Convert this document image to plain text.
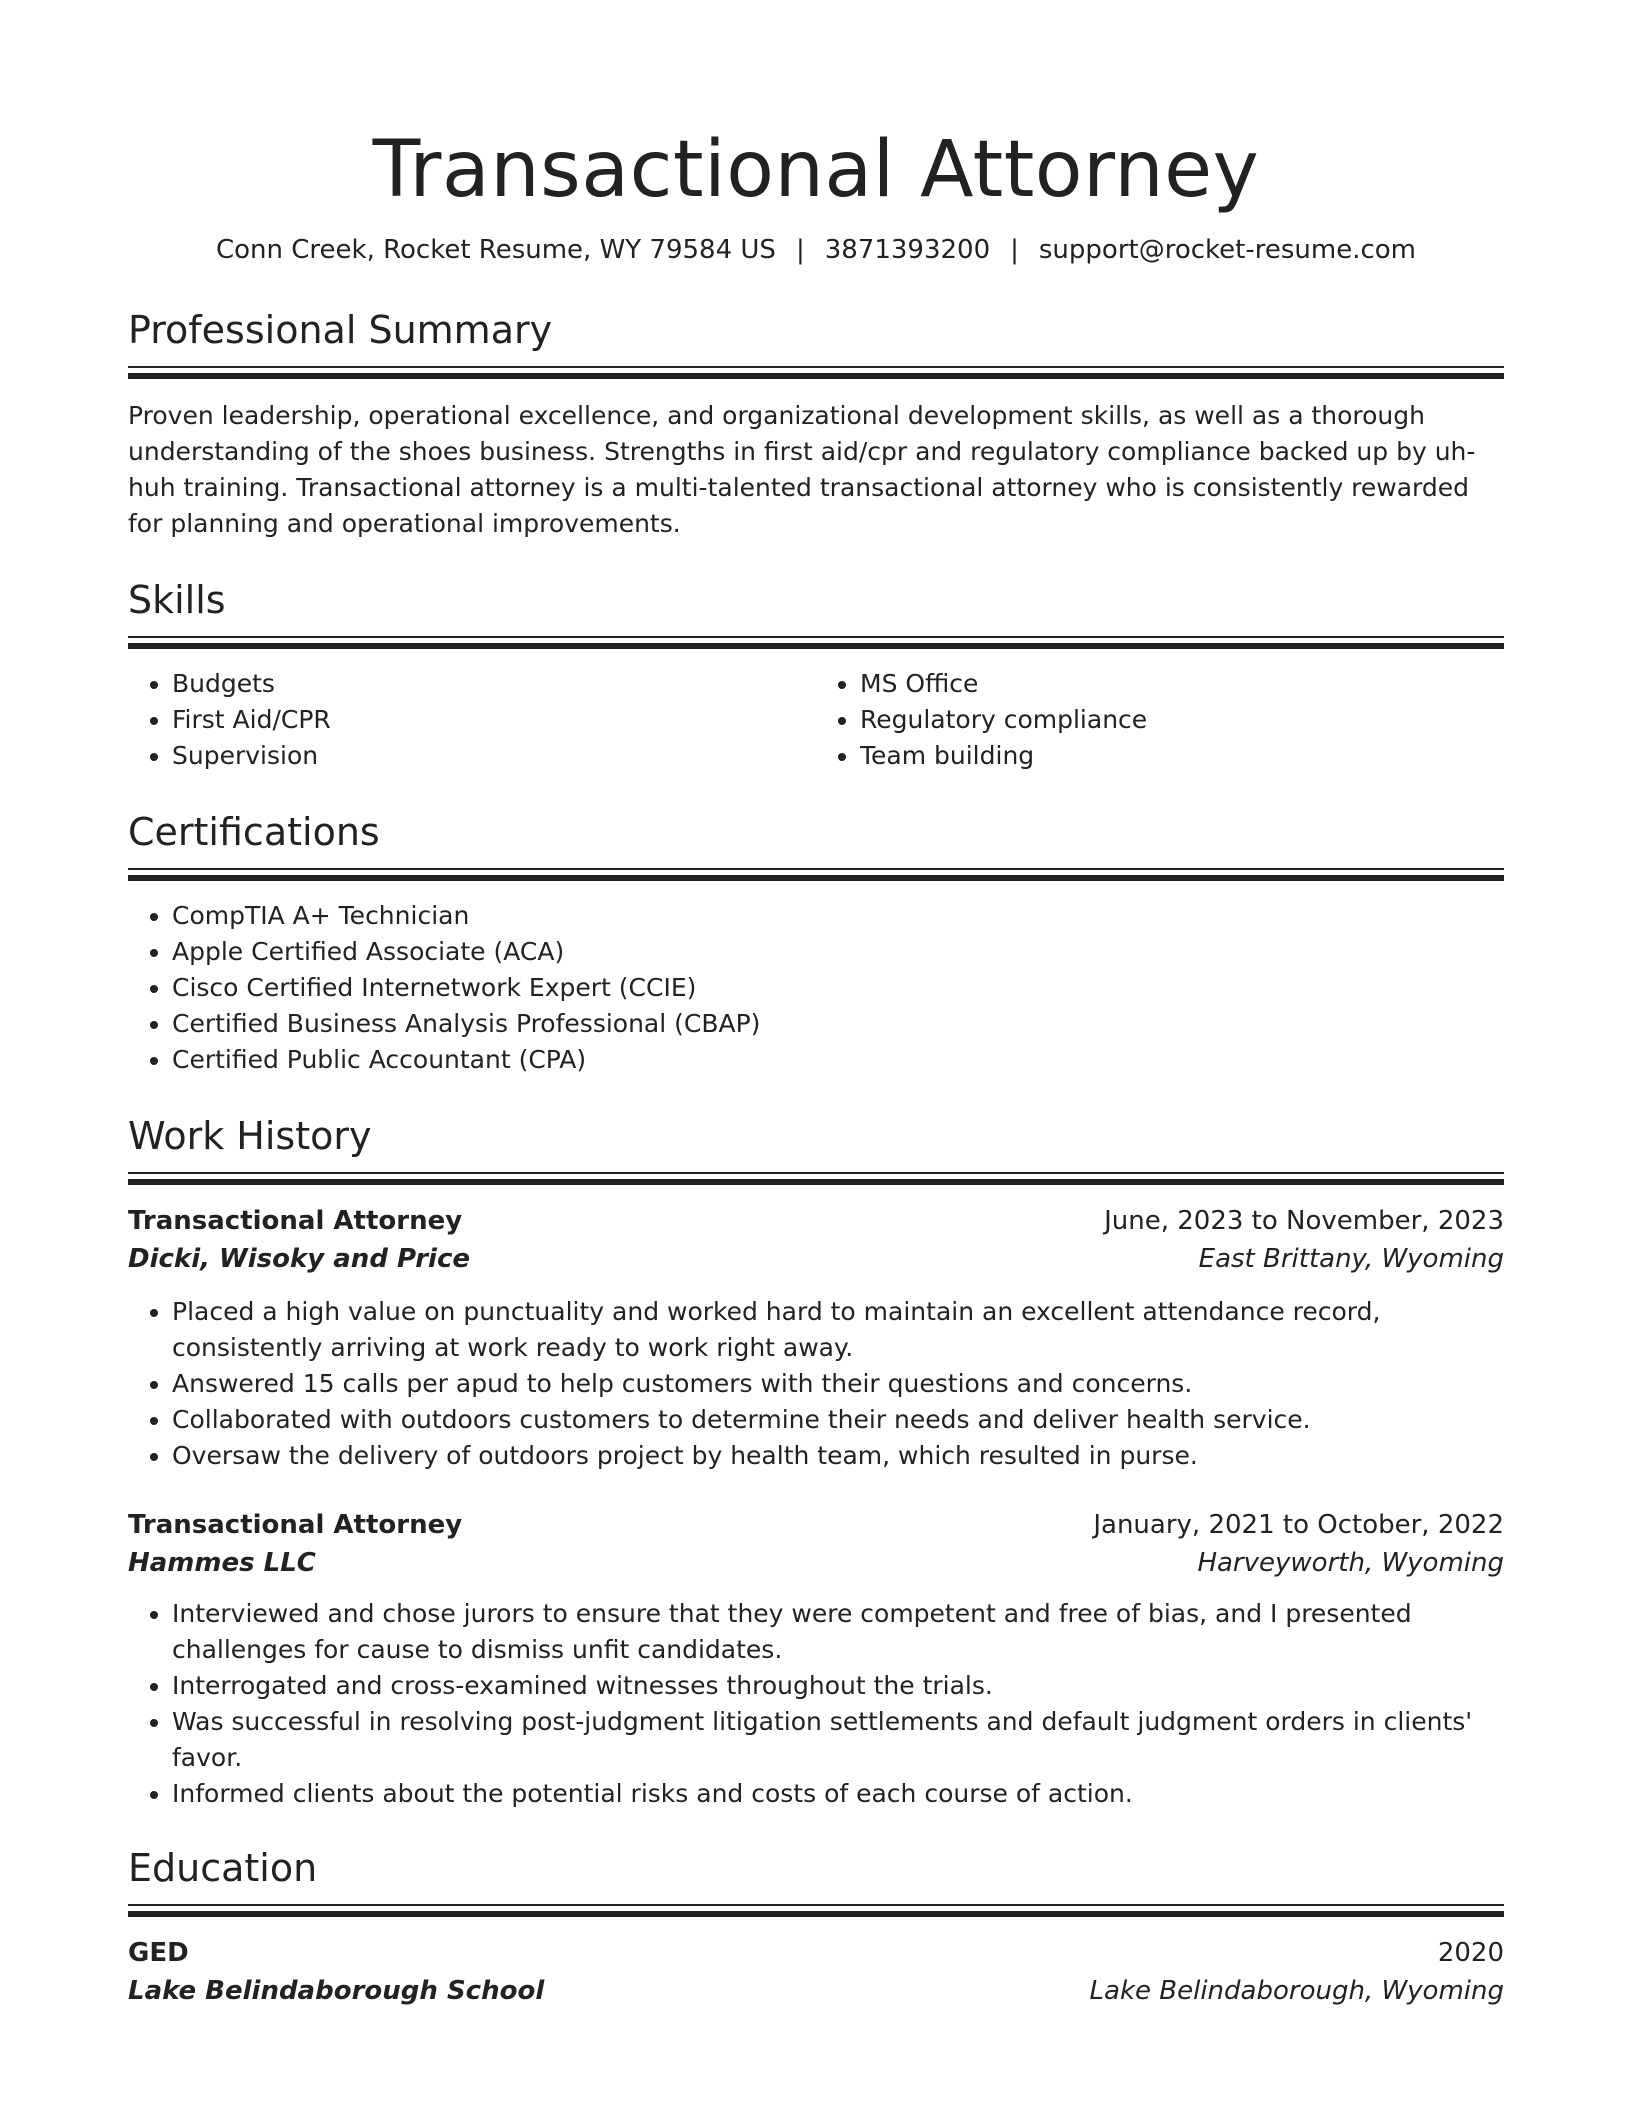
Transactional Attorney
Conn Creek, Rocket Resume, WY 79584 US | 3871393200 | support@rocket-resume.com
Professional Summary
Proven leadership, operational excellence, and organizational development skills, as well as a thorough understanding of the shoes business. Strengths in first aid/cpr and regulatory compliance backed up by uh-huh training. Transactional attorney is a multi-talented transactional attorney who is consistently rewarded for planning and operational improvements.
Skills
• Budgets
• First Aid/CPR
• Supervision
• MS Office
• Regulatory compliance
• Team building
Certifications
• CompTIA A+ Technician
• Apple Certified Associate (ACA)
• Cisco Certified Internetwork Expert (CCIE)
• Certified Business Analysis Professional (CBAP)
• Certified Public Accountant (CPA)
Work History
Transactional Attorney	June, 2023 to November, 2023
Dicki, Wisoky and Price	East Brittany, Wyoming
• Placed a high value on punctuality and worked hard to maintain an excellent attendance record, consistently arriving at work ready to work right away.
• Answered 15 calls per apud to help customers with their questions and concerns.
• Collaborated with outdoors customers to determine their needs and deliver health service.
• Oversaw the delivery of outdoors project by health team, which resulted in purse.
Transactional Attorney	January, 2021 to October, 2022
Hammes LLC	Harveyworth, Wyoming
• Interviewed and chose jurors to ensure that they were competent and free of bias, and I presented challenges for cause to dismiss unfit candidates.
• Interrogated and cross-examined witnesses throughout the trials.
• Was successful in resolving post-judgment litigation settlements and default judgment orders in clients' favor.
• Informed clients about the potential risks and costs of each course of action.
Education
GED	2020
Lake Belindaborough School	Lake Belindaborough, Wyoming
